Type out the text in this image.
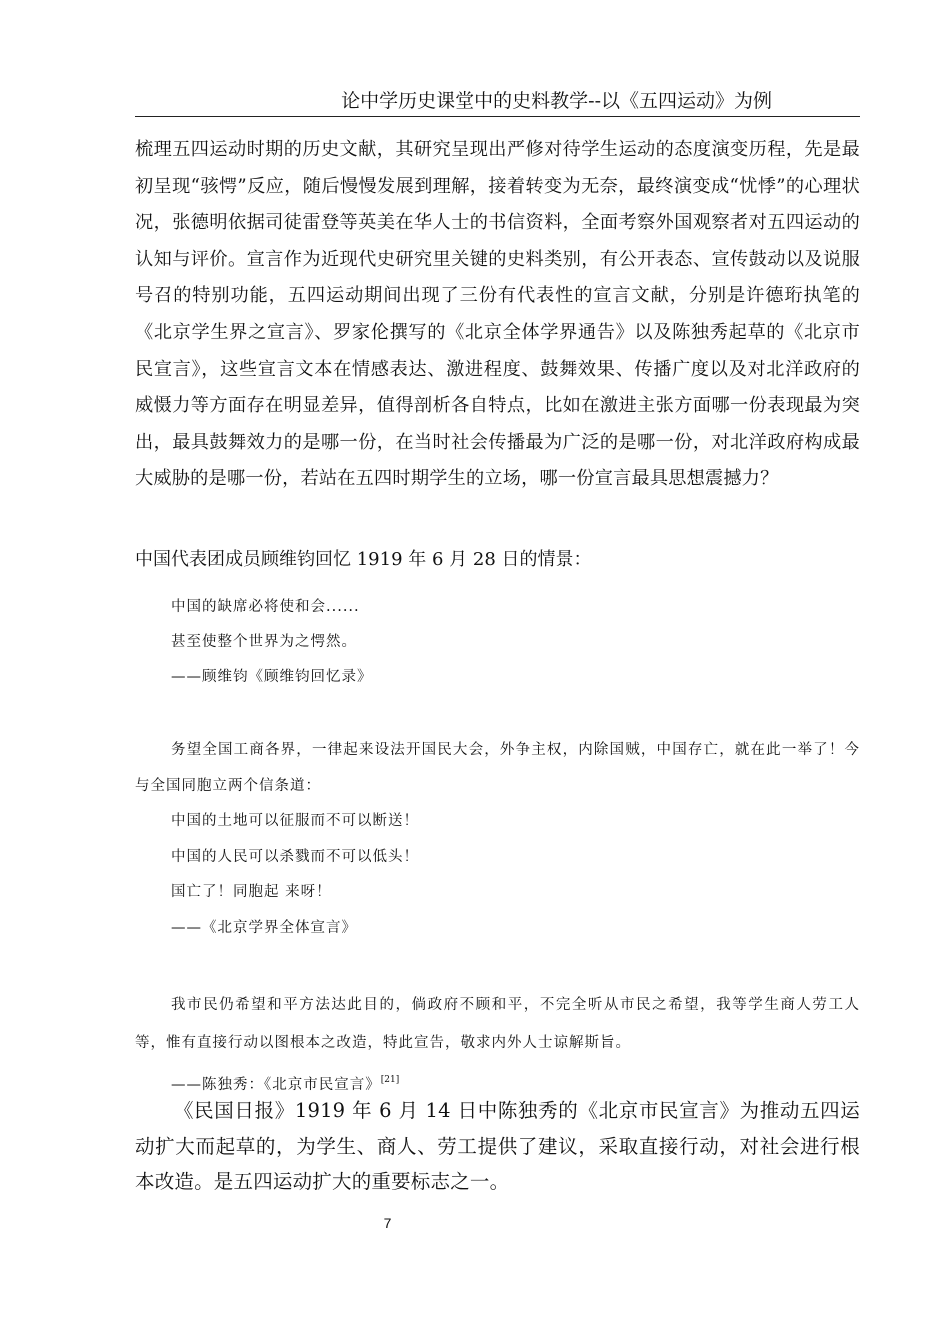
论中学历史课堂中的史料教学--以《五四运动》为例

梳理五四运动时期的历史文献，其研究呈现出严修对待学生运动的态度演变历程，先是最初呈现“骇愕”反应，随后慢慢发展到理解，接着转变为无奈，最终演变成“忧悸”的心理状况，张德明依据司徒雷登等英美在华人士的书信资料，全面考察外国观察者对五四运动的认知与评价。宣言作为近现代史研究里关键的史料类别，有公开表态、宣传鼓动以及说服号召的特别功能，五四运动期间出现了三份有代表性的宣言文献，分别是许德珩执笔的《北京学生界之宣言》、罗家伦撰写的《北京全体学界通告》以及陈独秀起草的《北京市民宣言》，这些宣言文本在情感表达、激进程度、鼓舞效果、传播广度以及对北洋政府的威慑力等方面存在明显差异，值得剖析各自特点，比如在激进主张方面哪一份表现最为突出，最具鼓舞效力的是哪一份，在当时社会传播最为广泛的是哪一份，对北洋政府构成最大威胁的是哪一份，若站在五四时期学生的立场，哪一份宣言最具思想震撼力？

中国代表团成员顾维钧回忆 1919 年 6 月 28 日的情景：
中国的缺席必将使和会......
甚至使整个世界为之愕然。
——顾维钧《顾维钧回忆录》
务望全国工商各界，一律起来设法开国民大会，外争主权，内除国贼，中国存亡，就在此一举了！今与全国同胞立两个信条道：
中国的土地可以征服而不可以断送！
中国的人民可以杀戮而不可以低头！
国亡了！同胞起 来呀！
——《北京学界全体宣言》
我市民仍希望和平方法达此目的，倘政府不顾和平，不完全听从市民之希望，我等学生商人劳工人等，惟有直接行动以图根本之改造，特此宣告，敬求内外人士谅解斯旨。
——陈独秀：《北京市民宣言》[21]

《民国日报》1919 年 6 月 14 日中陈独秀的《北京市民宣言》为推动五四运动扩大而起草的，为学生、商人、劳工提供了建议，采取直接行动，对社会进行根本改造。是五四运动扩大的重要标志之一。

7
